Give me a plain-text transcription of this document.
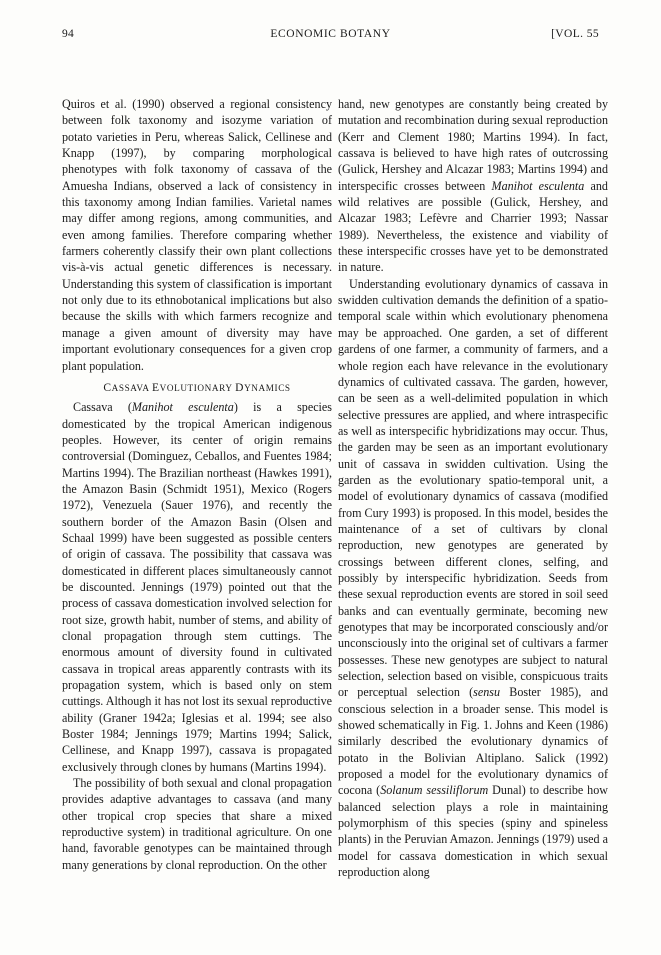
94	ECONOMIC BOTANY	[VOL. 55

Quiros et al. (1990) observed a regional consistency between folk taxonomy and isozyme variation of potato varieties in Peru, whereas Salick, Cellinese and Knapp (1997), by comparing morphological phenotypes with folk taxonomy of cassava of the Amuesha Indians, observed a lack of consistency in this taxonomy among Indian families. Varietal names may differ among regions, among communities, and even among families. Therefore comparing whether farmers coherently classify their own plant collections vis-à-vis actual genetic differences is necessary. Understanding this system of classification is important not only due to its ethnobotanical implications but also because the skills with which farmers recognize and manage a given amount of diversity may have important evolutionary consequences for a given crop plant population.

CASSAVA EVOLUTIONARY DYNAMICS

Cassava (Manihot esculenta) is a species domesticated by the tropical American indigenous peoples. However, its center of origin remains controversial (Dominguez, Ceballos, and Fuentes 1984; Martins 1994). The Brazilian northeast (Hawkes 1991), the Amazon Basin (Schmidt 1951), Mexico (Rogers 1972), Venezuela (Sauer 1976), and recently the southern border of the Amazon Basin (Olsen and Schaal 1999) have been suggested as possible centers of origin of cassava. The possibility that cassava was domesticated in different places simultaneously cannot be discounted. Jennings (1979) pointed out that the process of cassava domestication involved selection for root size, growth habit, number of stems, and ability of clonal propagation through stem cuttings. The enormous amount of diversity found in cultivated cassava in tropical areas apparently contrasts with its propagation system, which is based only on stem cuttings. Although it has not lost its sexual reproductive ability (Graner 1942a; Iglesias et al. 1994; see also Boster 1984; Jennings 1979; Martins 1994; Salick, Cellinese, and Knapp 1997), cassava is propagated exclusively through clones by humans (Martins 1994).

The possibility of both sexual and clonal propagation provides adaptive advantages to cassava (and many other tropical crop species that share a mixed reproductive system) in traditional agriculture. On one hand, favorable genotypes can be maintained through many generations by clonal reproduction. On the other

hand, new genotypes are constantly being created by mutation and recombination during sexual reproduction (Kerr and Clement 1980; Martins 1994). In fact, cassava is believed to have high rates of outcrossing (Gulick, Hershey and Alcazar 1983; Martins 1994) and interspecific crosses between Manihot esculenta and wild relatives are possible (Gulick, Hershey, and Alcazar 1983; Lefèvre and Charrier 1993; Nassar 1989). Nevertheless, the existence and viability of these interspecific crosses have yet to be demonstrated in nature.

Understanding evolutionary dynamics of cassava in swidden cultivation demands the definition of a spatio-temporal scale within which evolutionary phenomena may be approached. One garden, a set of different gardens of one farmer, a community of farmers, and a whole region each have relevance in the evolutionary dynamics of cultivated cassava. The garden, however, can be seen as a well-delimited population in which selective pressures are applied, and where intraspecific as well as interspecific hybridizations may occur. Thus, the garden may be seen as an important evolutionary unit of cassava in swidden cultivation. Using the garden as the evolutionary spatio-temporal unit, a model of evolutionary dynamics of cassava (modified from Cury 1993) is proposed. In this model, besides the maintenance of a set of cultivars by clonal reproduction, new genotypes are generated by crossings between different clones, selfing, and possibly by interspecific hybridization. Seeds from these sexual reproduction events are stored in soil seed banks and can eventually germinate, becoming new genotypes that may be incorporated consciously and/or unconsciously into the original set of cultivars a farmer possesses. These new genotypes are subject to natural selection, selection based on visible, conspicuous traits or perceptual selection (sensu Boster 1985), and conscious selection in a broader sense. This model is showed schematically in Fig. 1. Johns and Keen (1986) similarly described the evolutionary dynamics of potato in the Bolivian Altiplano. Salick (1992) proposed a model for the evolutionary dynamics of cocona (Solanum sessiliflorum Dunal) to describe how balanced selection plays a role in maintaining polymorphism of this species (spiny and spineless plants) in the Peruvian Amazon. Jennings (1979) used a model for cassava domestication in which sexual reproduction along
